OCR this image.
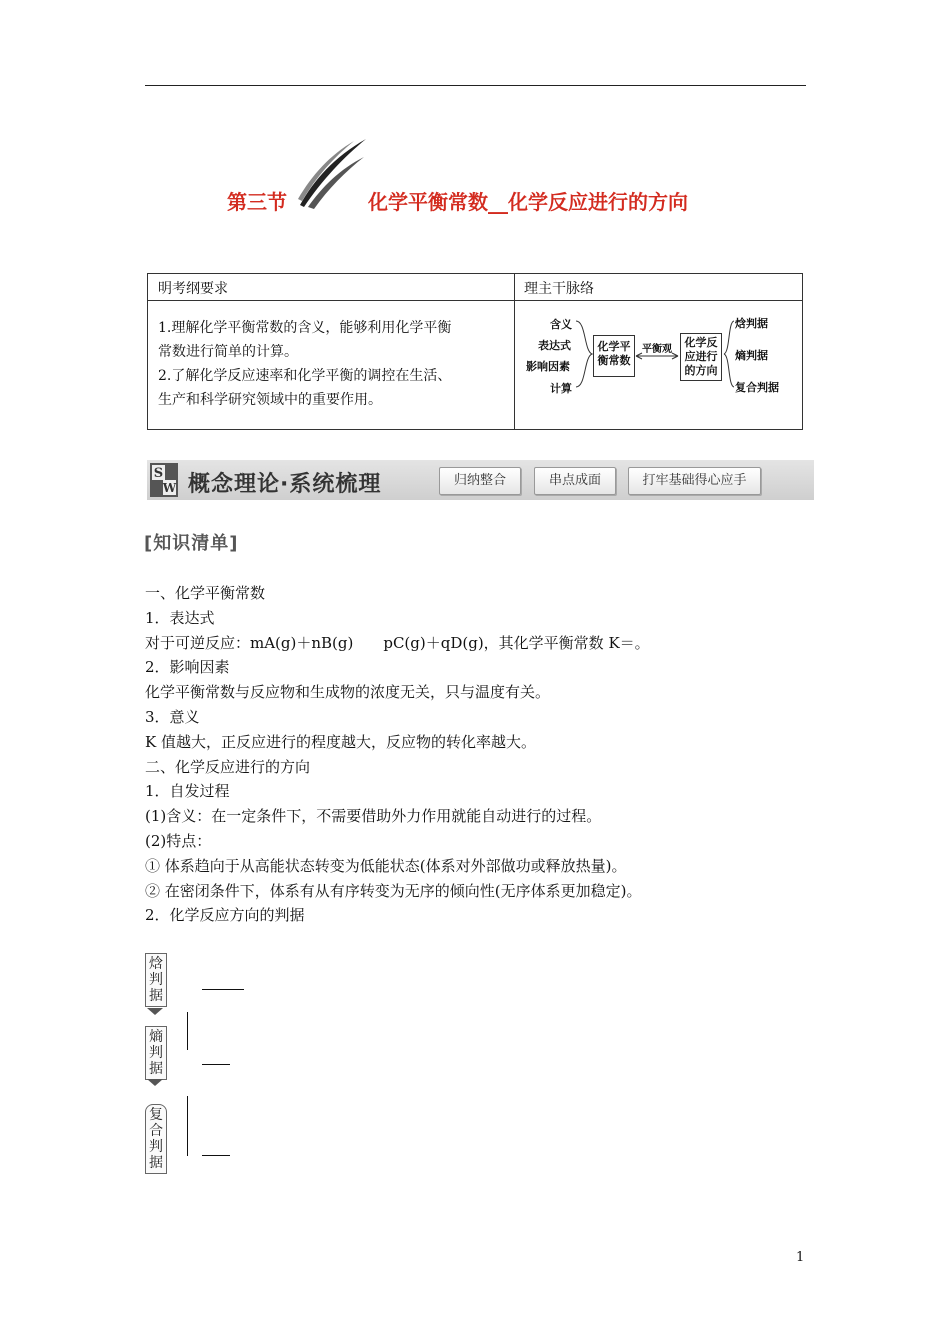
第三节	化学平衡常数__化学反应进行的方向
明考纲要求	理主干脉络
1.理解化学平衡常数的含义，能够利用化学平衡
常数进行简单的计算。
2.了解化学反应速率和化学平衡的调控在生活、
生产和科学研究领域中的重要作用。
含义
表达式
影响因素
计算
化学平
衡常数
平衡观
化学反
应进行
的方向
焓判据
熵判据
复合判据
S
W 概念理论·系统梳理	归纳整合	串点成面	打牢基础得心应手
[知识清单]
一、化学平衡常数
1．表达式
对于可逆反应：mA(g)＋nB(g)　　pC(g)＋qD(g)，其化学平衡常数 K＝。
2．影响因素
化学平衡常数与反应物和生成物的浓度无关，只与温度有关。
3．意义
K 值越大，正反应进行的程度越大，反应物的转化率越大。
二、化学反应进行的方向
1．自发过程
(1)含义：在一定条件下，不需要借助外力作用就能自动进行的过程。
(2)特点：
① 体系趋向于从高能状态转变为低能状态(体系对外部做功或释放热量)。
② 在密闭条件下，体系有从有序转变为无序的倾向性(无序体系更加稳定)。
2．化学反应方向的判据
焓判据
熵判据
复合判据
1
